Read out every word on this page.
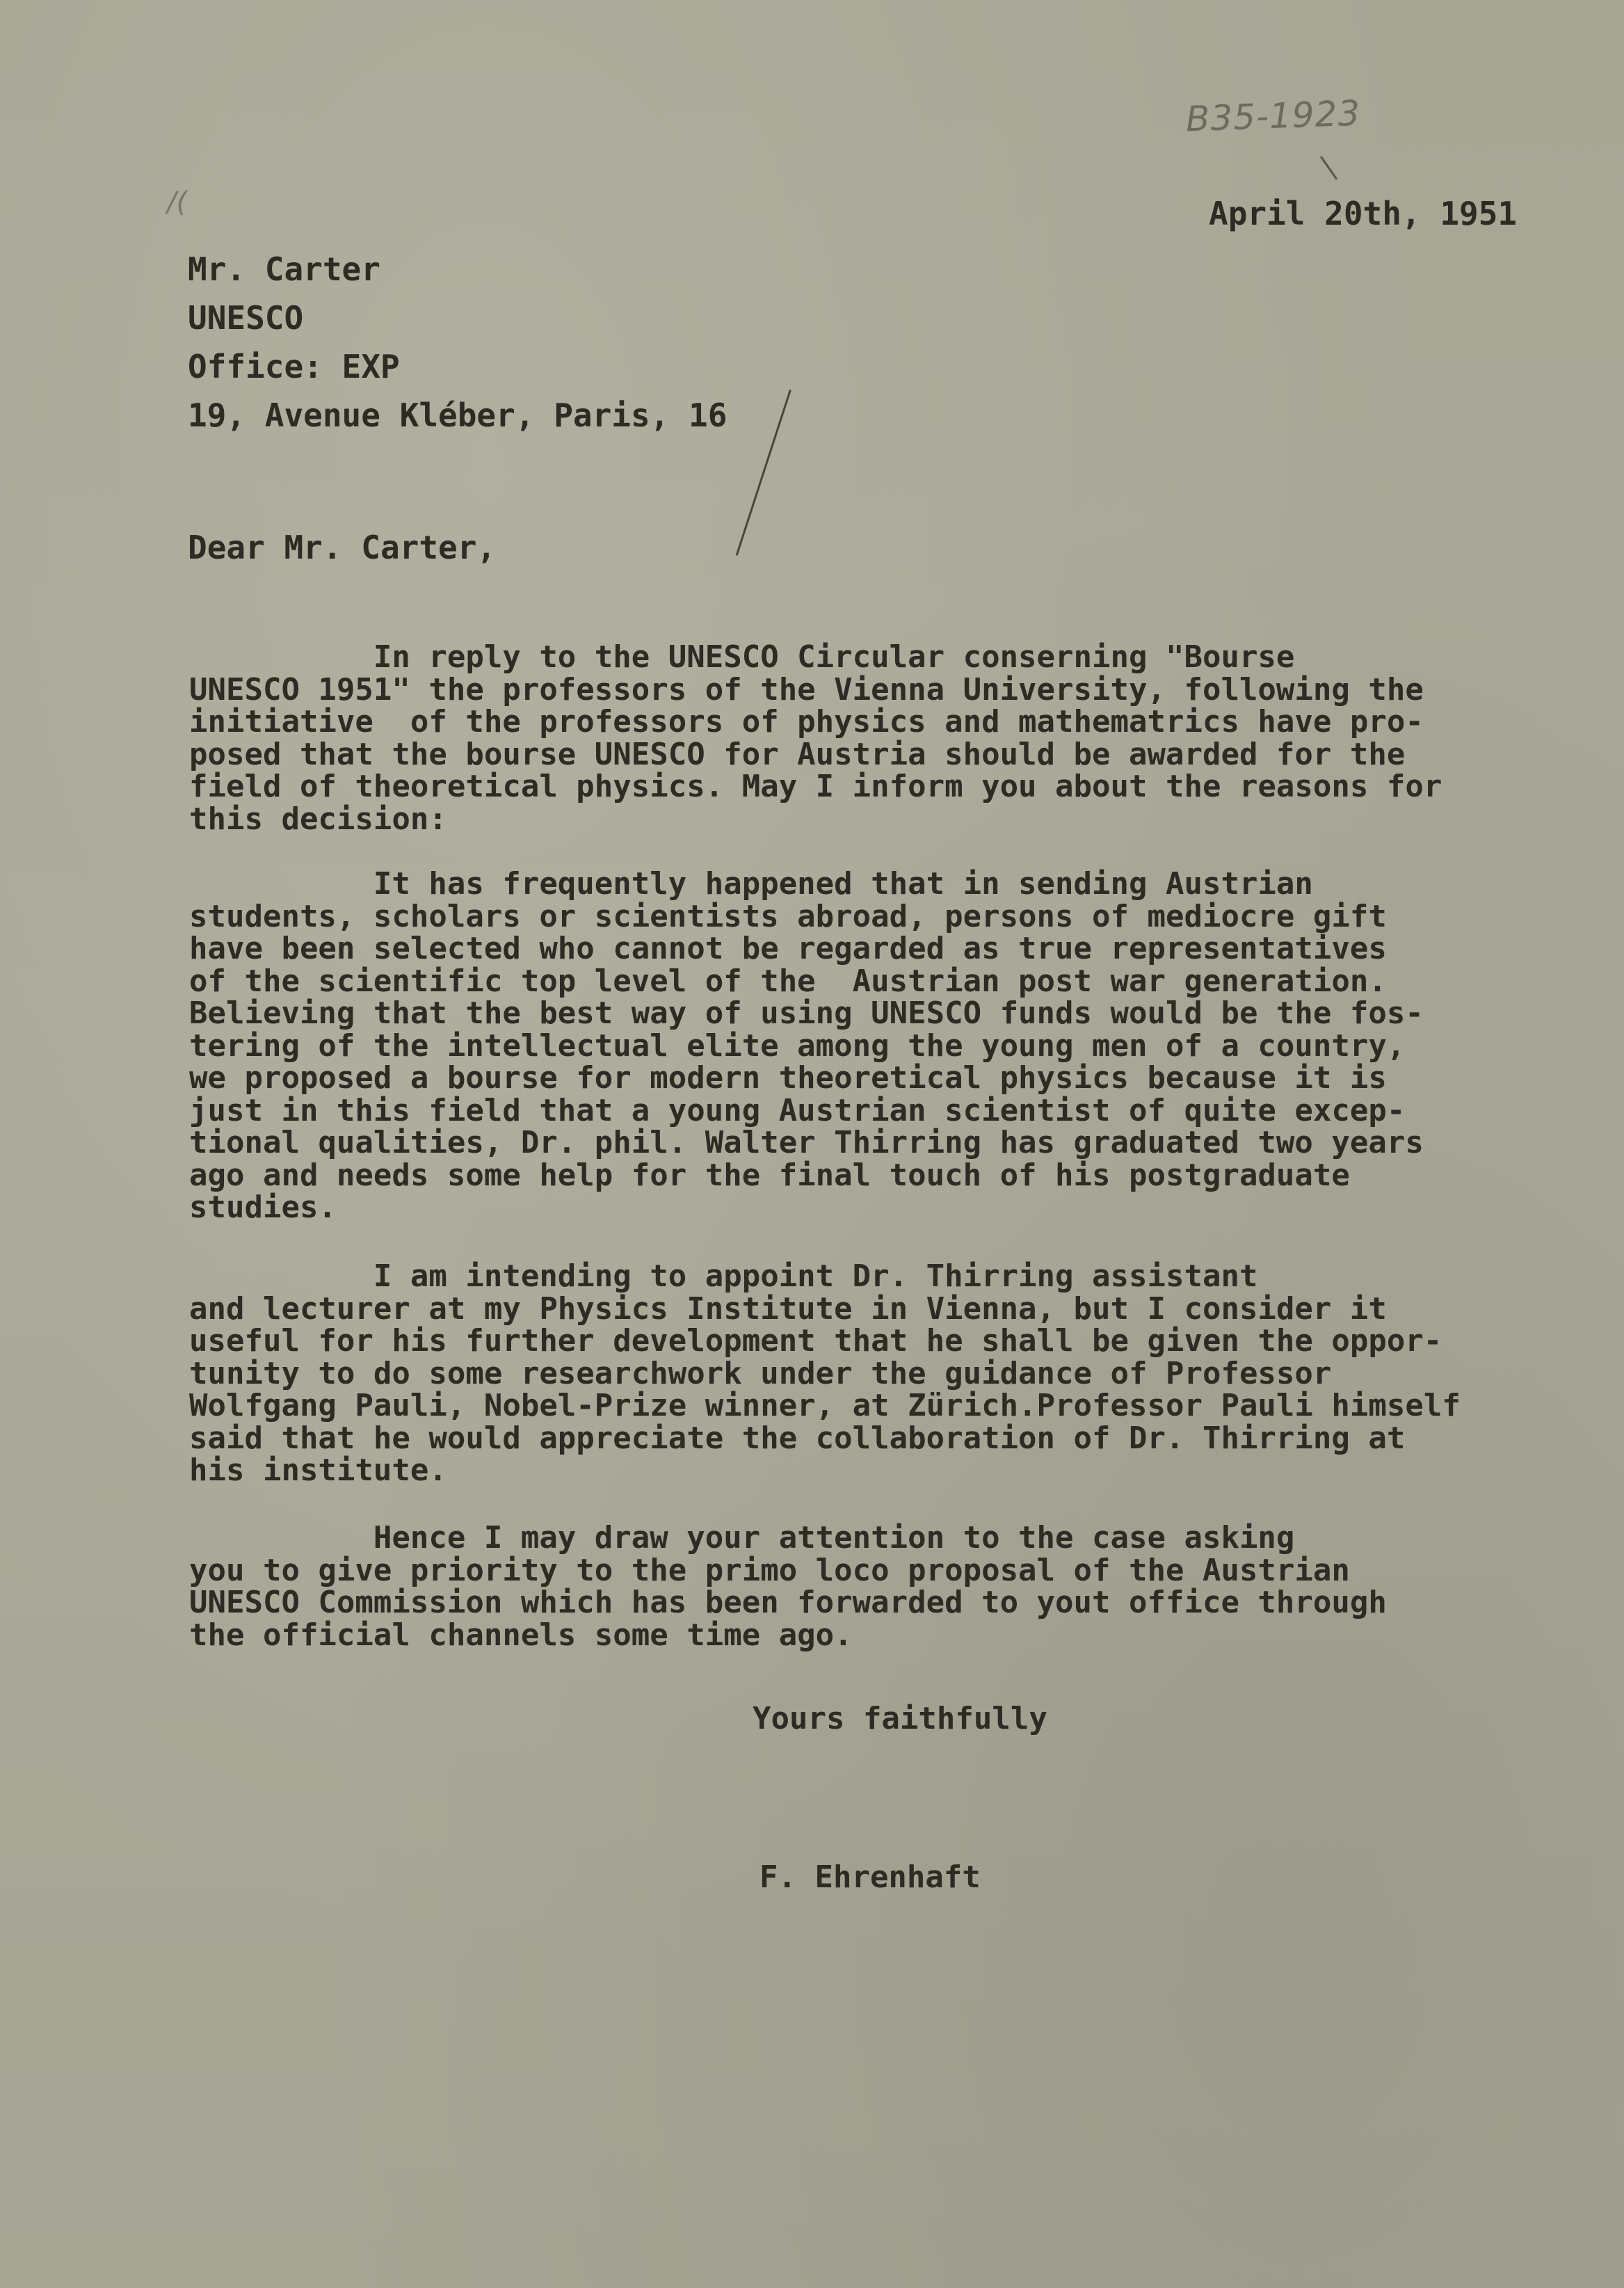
B35-1923
/(	April 20th, 1951
Mr. Carter
UNESCO
Office: EXP
19, Avenue Kléber, Paris, 16
Dear Mr. Carter,
In reply to the UNESCO Circular conserning "Bourse
UNESCO 1951" the professors of the Vienna University, following the
initiative  of the professors of physics and mathematrics have pro-
posed that the bourse UNESCO for Austria should be awarded for the
field of theoretical physics. May I inform you about the reasons for
this decision:
It has frequently happened that in sending Austrian
students, scholars or scientists abroad, persons of mediocre gift
have been selected who cannot be regarded as true representatives
of the scientific top level of the  Austrian post war generation.
Believing that the best way of using UNESCO funds would be the fos-
tering of the intellectual elite among the young men of a country,
we proposed a bourse for modern theoretical physics because it is
just in this field that a young Austrian scientist of quite excep-
tional qualities, Dr. phil. Walter Thirring has graduated two years
ago and needs some help for the final touch of his postgraduate
studies.
I am intending to appoint Dr. Thirring assistant
and lecturer at my Physics Institute in Vienna, but I consider it
useful for his further development that he shall be given the oppor-
tunity to do some researchwork under the guidance of Professor
Wolfgang Pauli, Nobel-Prize winner, at Zürich.Professor Pauli himself
said that he would appreciate the collaboration of Dr. Thirring at
his institute.
Hence I may draw your attention to the case asking
you to give priority to the primo loco proposal of the Austrian
UNESCO Commission which has been forwarded to yout office through
the official channels some time ago.
Yours faithfully
F. Ehrenhaft
